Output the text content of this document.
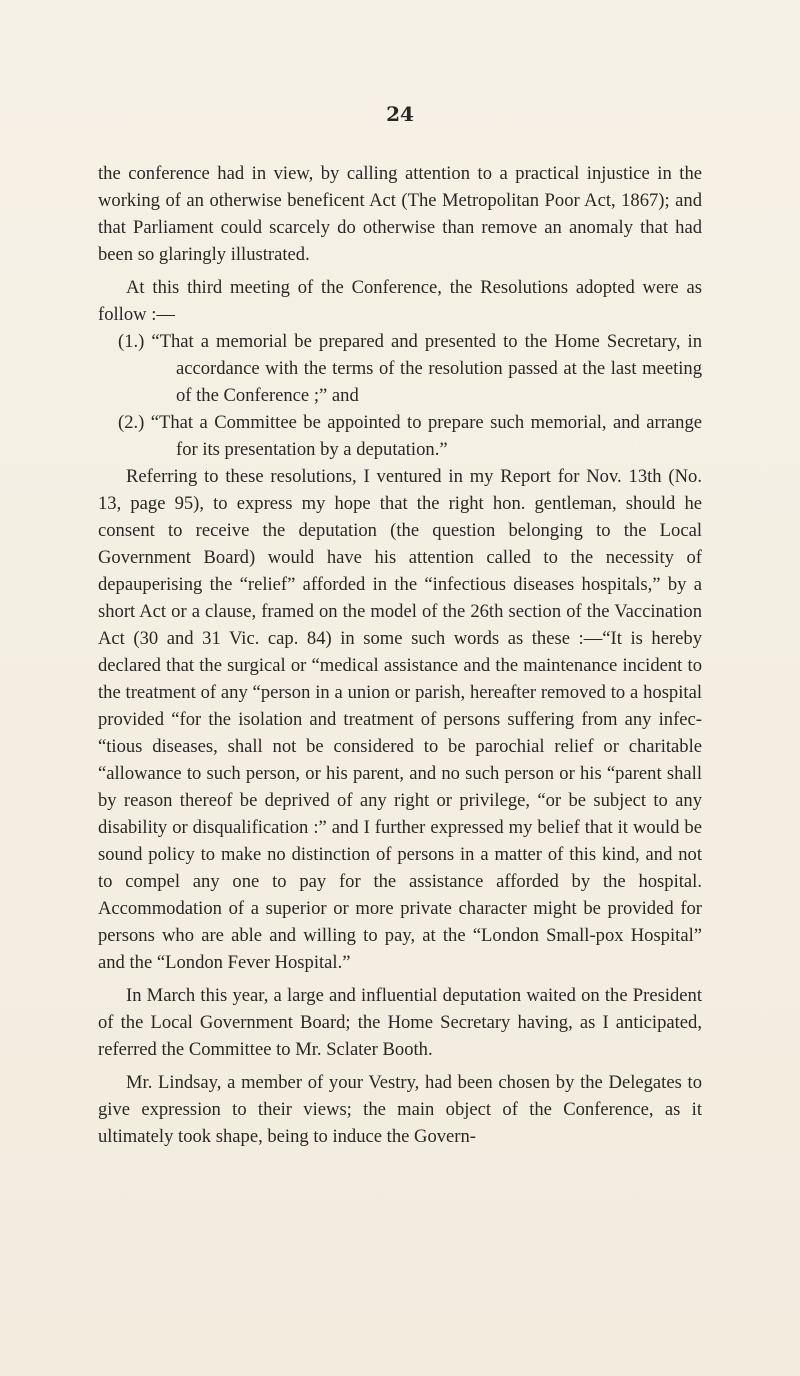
24

the conference had in view, by calling attention to a practical injustice in the working of an otherwise beneficent Act (The Metropolitan Poor Act, 1867); and that Parliament could scarcely do otherwise than remove an anomaly that had been so glaringly illustrated.

At this third meeting of the Conference, the Resolutions adopted were as follow :—

(1.) “That a memorial be prepared and presented to the Home Secretary, in accordance with the terms of the resolution passed at the last meeting of the Conference ;” and

(2.) “That a Committee be appointed to prepare such memorial, and arrange for its presentation by a deputation.”

Referring to these resolutions, I ventured in my Report for Nov. 13th (No. 13, page 95), to express my hope that the right hon. gentleman, should he consent to receive the deputation (the question belonging to the Local Government Board) would have his attention called to the necessity of depauperising the “relief” afforded in the “infectious diseases hospitals,” by a short Act or a clause, framed on the model of the 26th section of the Vaccination Act (30 and 31 Vic. cap. 84) in some such words as these :—“It is hereby declared that the surgical or “medical assistance and the maintenance incident to the treatment of any “person in a union or parish, hereafter removed to a hospital provided “for the isolation and treatment of persons suffering from any infec- “tious diseases, shall not be considered to be parochial relief or charitable “allowance to such person, or his parent, and no such person or his “parent shall by reason thereof be deprived of any right or privilege, “or be subject to any disability or disqualification :” and I further expressed my belief that it would be sound policy to make no distinction of persons in a matter of this kind, and not to compel any one to pay for the assistance afforded by the hospital. Accommodation of a superior or more private character might be provided for persons who are able and willing to pay, at the “London Small-pox Hospital” and the “London Fever Hospital.”

In March this year, a large and influential deputation waited on the President of the Local Government Board; the Home Secretary having, as I anticipated, referred the Committee to Mr. Sclater Booth.

Mr. Lindsay, a member of your Vestry, had been chosen by the Delegates to give expression to their views; the main object of the Conference, as it ultimately took shape, being to induce the Govern-
